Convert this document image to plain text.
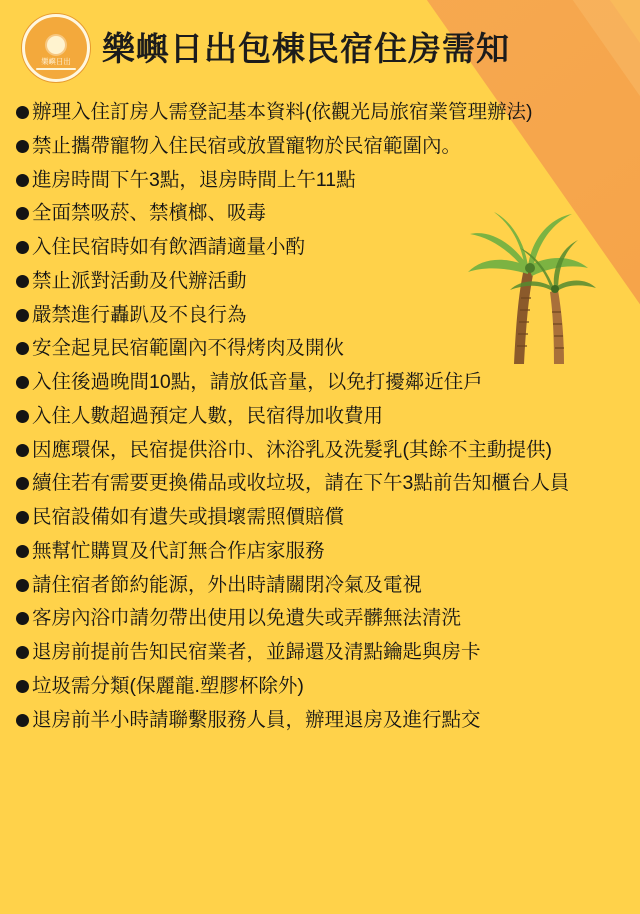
樂嶼日出 樂嶼日出包棟民宿住房需知
辦理入住訂房人需登記基本資料(依觀光局旅宿業管理辦法)
禁止攜帶寵物入住民宿或放置寵物於民宿範圍內。
進房時間下午3點，退房時間上午11點
全面禁吸菸、禁檳榔、吸毒
入住民宿時如有飲酒請適量小酌
禁止派對活動及代辦活動
嚴禁進行轟趴及不良行為
安全起見民宿範圍內不得烤肉及開伙
入住後過晚間10點，請放低音量，以免打擾鄰近住戶
入住人數超過預定人數，民宿得加收費用
因應環保，民宿提供浴巾、沐浴乳及洗髮乳(其餘不主動提供)
續住若有需要更換備品或收垃圾，請在下午3點前告知櫃台人員
民宿設備如有遺失或損壞需照價賠償
無幫忙購買及代訂無合作店家服務
請住宿者節約能源，外出時請關閉冷氣及電視
客房內浴巾請勿帶出使用以免遺失或弄髒無法清洗
退房前提前告知民宿業者，並歸還及清點鑰匙與房卡
垃圾需分類(保麗龍.塑膠杯除外)
退房前半小時請聯繫服務人員，辦理退房及進行點交
